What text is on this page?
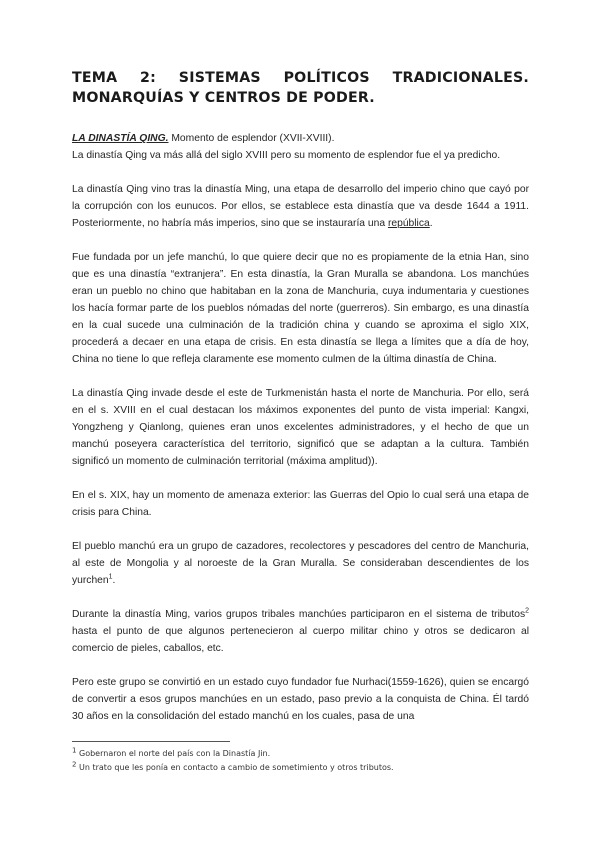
TEMA 2: SISTEMAS POLÍTICOS TRADICIONALES. MONARQUÍAS Y CENTROS DE PODER.

LA DINASTÍA QING. Momento de esplendor (XVII-XVIII).
La dinastía Qing va más allá del siglo XVIII pero su momento de esplendor fue el ya predicho.

La dinastía Qing vino tras la dinastía Ming, una etapa de desarrollo del imperio chino que cayó por la corrupción con los eunucos. Por ellos, se establece esta dinastía que va desde 1644 a 1911. Posteriormente, no habría más imperios, sino que se instauraría una república.

Fue fundada por un jefe manchú, lo que quiere decir que no es propiamente de la etnia Han, sino que es una dinastía “extranjera”. En esta dinastía, la Gran Muralla se abandona. Los manchúes eran un pueblo no chino que habitaban en la zona de Manchuria, cuya indumentaria y cuestiones los hacía formar parte de los pueblos nómadas del norte (guerreros). Sin embargo, es una dinastía en la cual sucede una culminación de la tradición china y cuando se aproxima el siglo XIX, procederá a decaer en una etapa de crisis. En esta dinastía se llega a límites que a día de hoy, China no tiene lo que refleja claramente ese momento culmen de la última dinastía de China.

La dinastía Qing invade desde el este de Turkmenistán hasta el norte de Manchuria. Por ello, será en el s. XVIII en el cual destacan los máximos exponentes del punto de vista imperial: Kangxi, Yongzheng y Qianlong, quienes eran unos excelentes administradores, y el hecho de que un manchú poseyera característica del territorio, significó que se adaptan a la cultura. También significó un momento de culminación territorial (máxima amplitud)).

En el s. XIX, hay un momento de amenaza exterior: las Guerras del Opio lo cual será una etapa de crisis para China.

El pueblo manchú era un grupo de cazadores, recolectores y pescadores del centro de Manchuria, al este de Mongolia y al noroeste de la Gran Muralla. Se consideraban descendientes de los yurchen$^1$.

Durante la dinastía Ming, varios grupos tribales manchúes participaron en el sistema de tributos$^2$ hasta el punto de que algunos pertenecieron al cuerpo militar chino y otros se dedicaron al comercio de pieles, caballos, etc.

Pero este grupo se convirtió en un estado cuyo fundador fue Nurhaci(1559-1626), quien se encargó de convertir a esos grupos manchúes en un estado, paso previo a la conquista de China. Él tardó 30 años en la consolidación del estado manchú en los cuales, pasa de una

$^1$ Gobernaron el norte del país con la Dinastía Jin.

$^2$ Un trato que les ponía en contacto a cambio de sometimiento y otros tributos.
